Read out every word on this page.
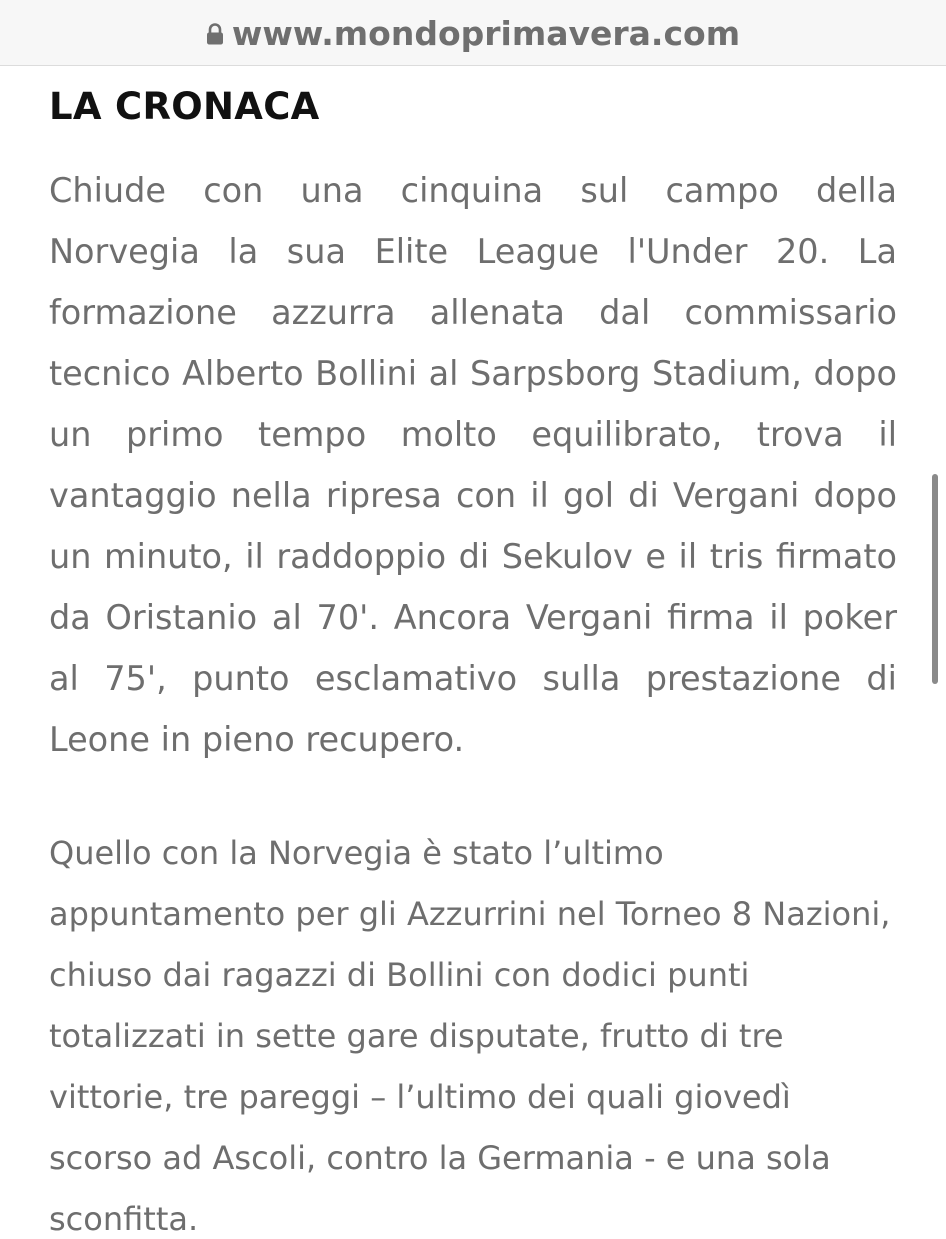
www.mondoprimavera.com
LA CRONACA

Chiude con una cinquina sul campo della Norvegia la sua Elite League l'Under 20. La formazione azzurra allenata dal commissario tecnico Alberto Bollini al Sarpsborg Stadium, dopo un primo tempo molto equilibrato, trova il vantaggio nella ripresa con il gol di Vergani dopo un minuto, il raddoppio di Sekulov e il tris firmato da Oristanio al 70'. Ancora Vergani firma il poker al 75', punto esclamativo sulla prestazione di Leone in pieno recupero.

Quello con la Norvegia è stato l’ultimo appuntamento per gli Azzurrini nel Torneo 8 Nazioni, chiuso dai ragazzi di Bollini con dodici punti totalizzati in sette gare disputate, frutto di tre vittorie, tre pareggi – l’ultimo dei quali giovedì scorso ad Ascoli, contro la Germania - e una sola sconfitta.
